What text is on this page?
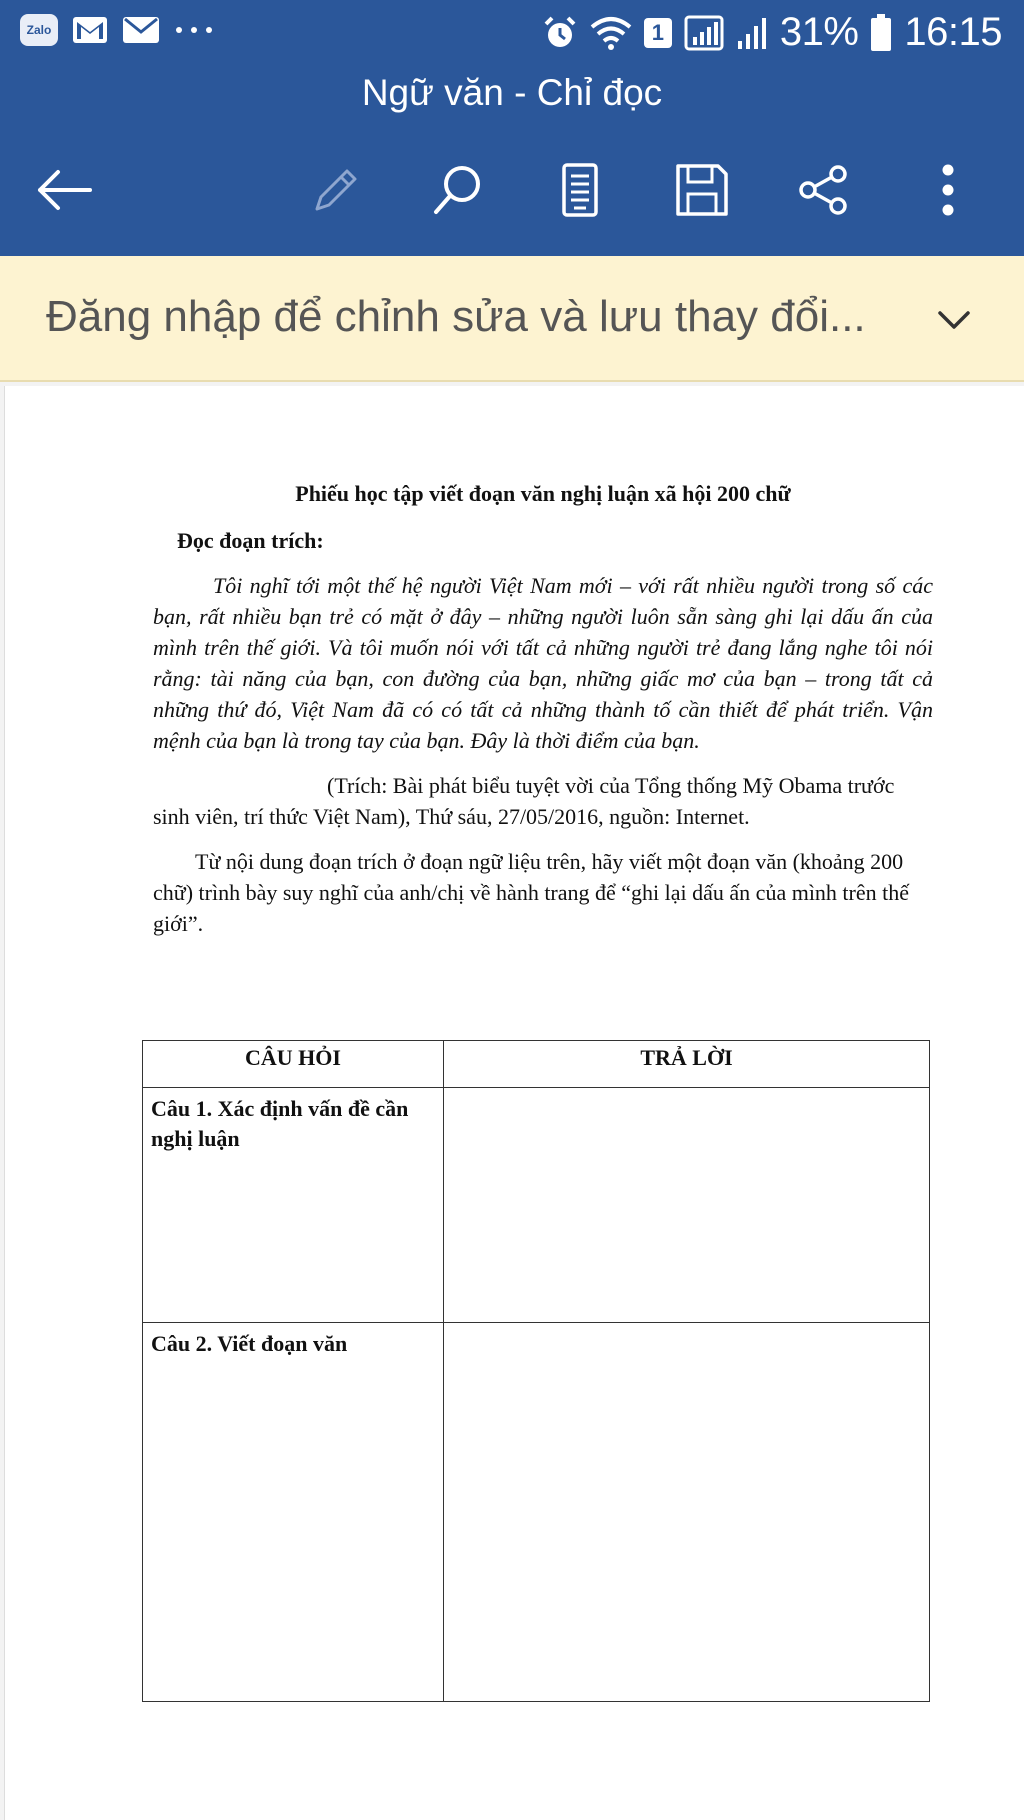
Zalo	1	31% 16:15
Ngữ văn - Chỉ đọc
Đăng nhập để chỉnh sửa và lưu thay đổi...
Phiếu học tập viết đoạn văn nghị luận xã hội 200 chữ
Đọc đoạn trích:
Tôi nghĩ tới một thế hệ người Việt Nam mới – với rất nhiều người trong số các bạn, rất nhiều bạn trẻ có mặt ở đây – những người luôn sẵn sàng ghi lại dấu ấn của mình trên thế giới. Và tôi muốn nói với tất cả những người trẻ đang lắng nghe tôi nói rằng: tài năng của bạn, con đường của bạn, những giấc mơ của bạn – trong tất cả những thứ đó, Việt Nam đã có có tất cả những thành tố cần thiết để phát triển. Vận mệnh của bạn là trong tay của bạn. Đây là thời điểm của bạn.
(Trích: Bài phát biểu tuyệt vời của Tổng thống Mỹ Obama trước sinh viên, trí thức Việt Nam), Thứ sáu, 27/05/2016, nguồn: Internet.
Từ nội dung đoạn trích ở đoạn ngữ liệu trên, hãy viết một đoạn văn (khoảng 200 chữ) trình bày suy nghĩ của anh/chị về hành trang để “ghi lại dấu ấn của mình trên thế giới”.
CÂU HỎI	TRẢ LỜI
Câu 1. Xác định vấn đề cần nghị luận	
Câu 2. Viết đoạn văn	
